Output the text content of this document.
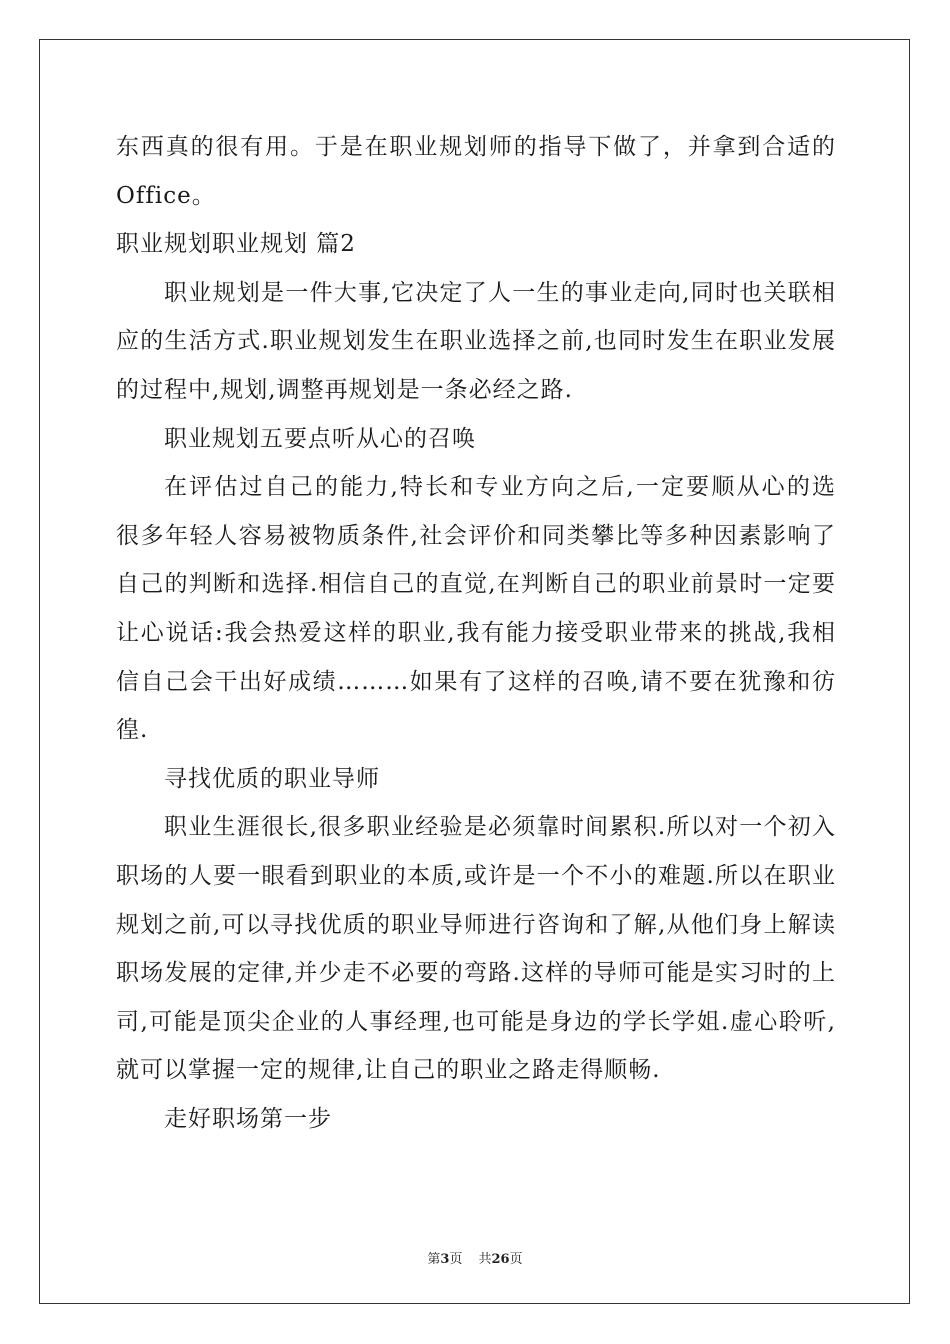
东西真的很有用。于是在职业规划师的指导下做了，并拿到合适的
Office。
职业规划职业规划 篇2
职业规划是一件大事,它决定了人一生的事业走向,同时也关联相
应的生活方式.职业规划发生在职业选择之前,也同时发生在职业发展
的过程中,规划,调整再规划是一条必经之路.
职业规划五要点听从心的召唤
在评估过自己的能力,特长和专业方向之后,一定要顺从心的选
很多年轻人容易被物质条件,社会评价和同类攀比等多种因素影响了
自己的判断和选择.相信自己的直觉,在判断自己的职业前景时一定要
让心说话:我会热爱这样的职业,我有能力接受职业带来的挑战,我相
信自己会干出好成绩………如果有了这样的召唤,请不要在犹豫和彷
徨.
寻找优质的职业导师
职业生涯很长,很多职业经验是必须靠时间累积.所以对一个初入
职场的人要一眼看到职业的本质,或许是一个不小的难题.所以在职业
规划之前,可以寻找优质的职业导师进行咨询和了解,从他们身上解读
职场发展的定律,并少走不必要的弯路.这样的导师可能是实习时的上
司,可能是顶尖企业的人事经理,也可能是身边的学长学姐.虚心聆听,
就可以掌握一定的规律,让自己的职业之路走得顺畅.
走好职场第一步
第3页 共26页
